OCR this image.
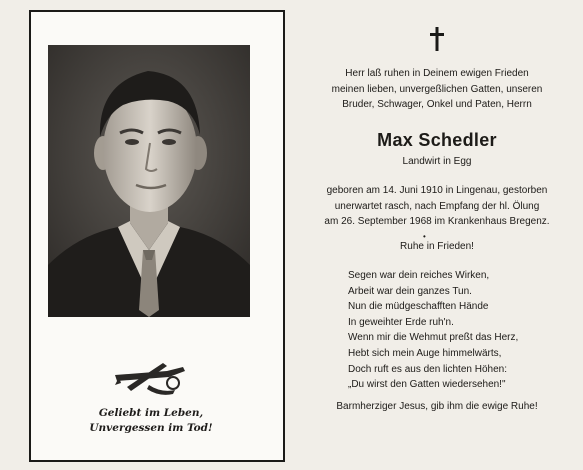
Geliebt im Leben,
Unvergessen im Tod!
Herr laß ruhen in Deinem ewigen Frieden
meinen lieben, unvergeßlichen Gatten, unseren
Bruder, Schwager, Onkel und Paten, Herrn
Max Schedler
Landwirt in Egg
geboren am 14. Juni 1910 in Lingenau, gestorben
unerwartet rasch, nach Empfang der hl. Ölung
am 26. September 1968 im Krankenhaus Bregenz.
•
Ruhe in Frieden!
Segen war dein reiches Wirken,
Arbeit war dein ganzes Tun.
Nun die müdgeschafften Hände
In geweihter Erde ruh'n.
Wenn mir die Wehmut preßt das Herz,
Hebt sich mein Auge himmelwärts,
Doch ruft es aus den lichten Höhen:
„Du wirst den Gatten wiedersehen!"
Barmherziger Jesus, gib ihm die ewige Ruhe!
